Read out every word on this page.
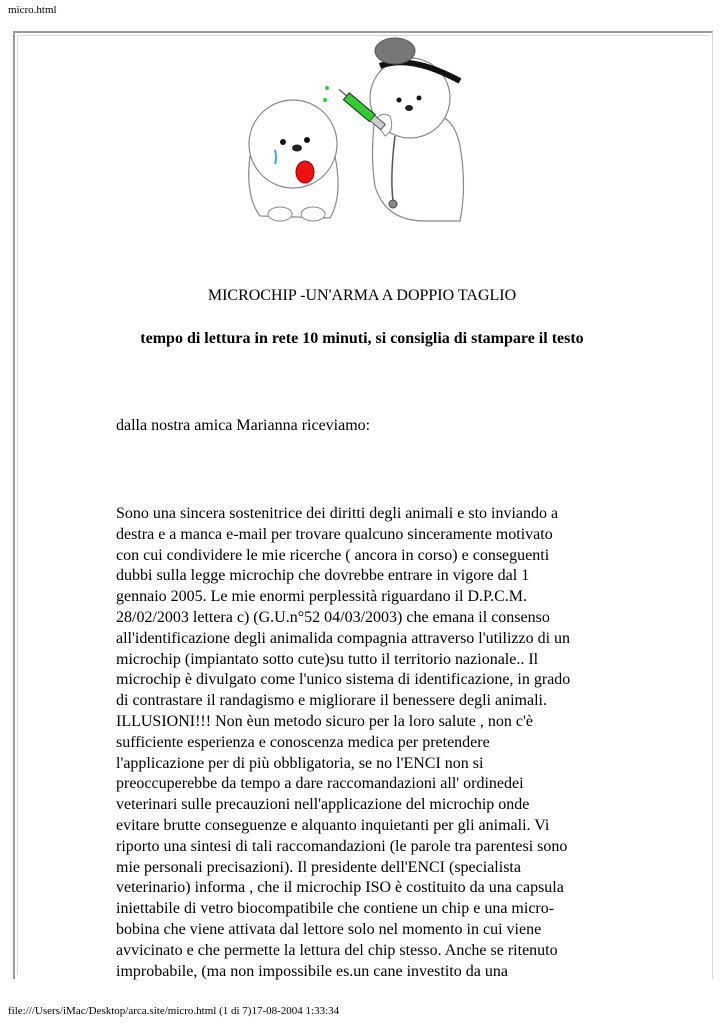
micro.html
MICROCHIP -UN'ARMA A DOPPIO TAGLIO
tempo di lettura in rete 10 minuti, si consiglia di stampare il testo
dalla nostra amica Marianna riceviamo:
Sono una sincera sostenitrice dei diritti degli animali e sto inviando a
destra e a manca e-mail per trovare qualcuno sinceramente motivato
con cui condividere le mie ricerche ( ancora in corso) e conseguenti
dubbi sulla legge microchip che dovrebbe entrare in vigore dal 1
gennaio 2005. Le mie enormi perplessità riguardano il D.P.C.M.
28/02/2003 lettera c) (G.U.n°52 04/03/2003) che emana il consenso
all'identificazione degli animalida compagnia attraverso l'utilizzo di un
microchip (impiantato sotto cute)su tutto il territorio nazionale.. Il
microchip è divulgato come l'unico sistema di identificazione, in grado
di contrastare il randagismo e migliorare il benessere degli animali.
ILLUSIONI!!! Non èun metodo sicuro per la loro salute , non c'è
sufficiente esperienza e conoscenza medica per pretendere
l'applicazione per di più obbligatoria, se no l'ENCI non si
preoccuperebbe da tempo a dare raccomandazioni all' ordinedei
veterinari sulle precauzioni nell'applicazione del microchip onde
evitare brutte conseguenze e alquanto inquietanti per gli animali. Vi
riporto una sintesi di tali raccomandazioni (le parole tra parentesi sono
mie personali precisazioni). Il presidente dell'ENCI (specialista
veterinario) informa , che il microchip ISO è costituito da una capsula
iniettabile di vetro biocompatibile che contiene un chip e una micro-
bobina che viene attivata dal lettore solo nel momento in cui viene
avvicinato e che permette la lettura del chip stesso. Anche se ritenuto
improbabile, (ma non impossibile es.un cane investito da una
file:///Users/iMac/Desktop/arca.site/micro.html (1 di 7)17-08-2004 1:33:34
